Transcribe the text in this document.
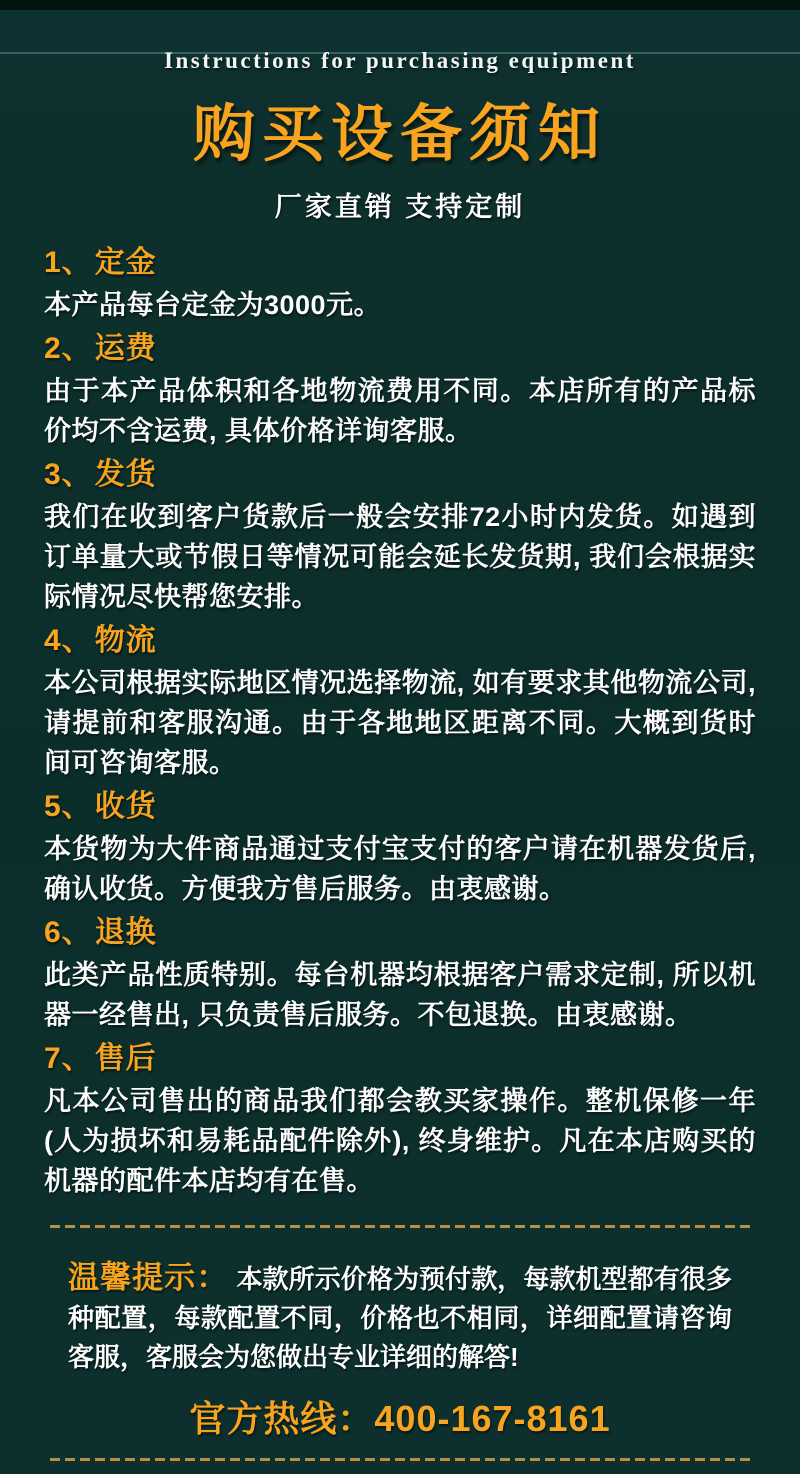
Instructions for purchasing equipment
购买设备须知
厂家直销 支持定制
1、定金

本产品每台定金为3000元。

2、运费

由于本产品体积和各地物流费用不同。本店所有的产品标价均不含运费, 具体价格详询客服。

3、发货

我们在收到客户货款后一般会安排72小时内发货。如遇到订单量大或节假日等情况可能会延长发货期, 我们会根据实际情况尽快帮您安排。

4、物流

本公司根据实际地区情况选择物流, 如有要求其他物流公司, 请提前和客服沟通。由于各地地区距离不同。大概到货时间可咨询客服。

5、收货

本货物为大件商品通过支付宝支付的客户请在机器发货后, 确认收货。方便我方售后服务。由衷感谢。

6、退换

此类产品性质特别。每台机器均根据客户需求定制, 所以机器一经售出, 只负责售后服务。不包退换。由衷感谢。

7、售后

凡本公司售出的商品我们都会教买家操作。整机保修一年(人为损坏和易耗品配件除外), 终身维护。凡在本店购买的机器的配件本店均有在售。

温馨提示： 本款所示价格为预付款，每款机型都有很多种配置，每款配置不同，价格也不相同，详细配置请咨询客服，客服会为您做出专业详细的解答!

官方热线：400-167-8161
